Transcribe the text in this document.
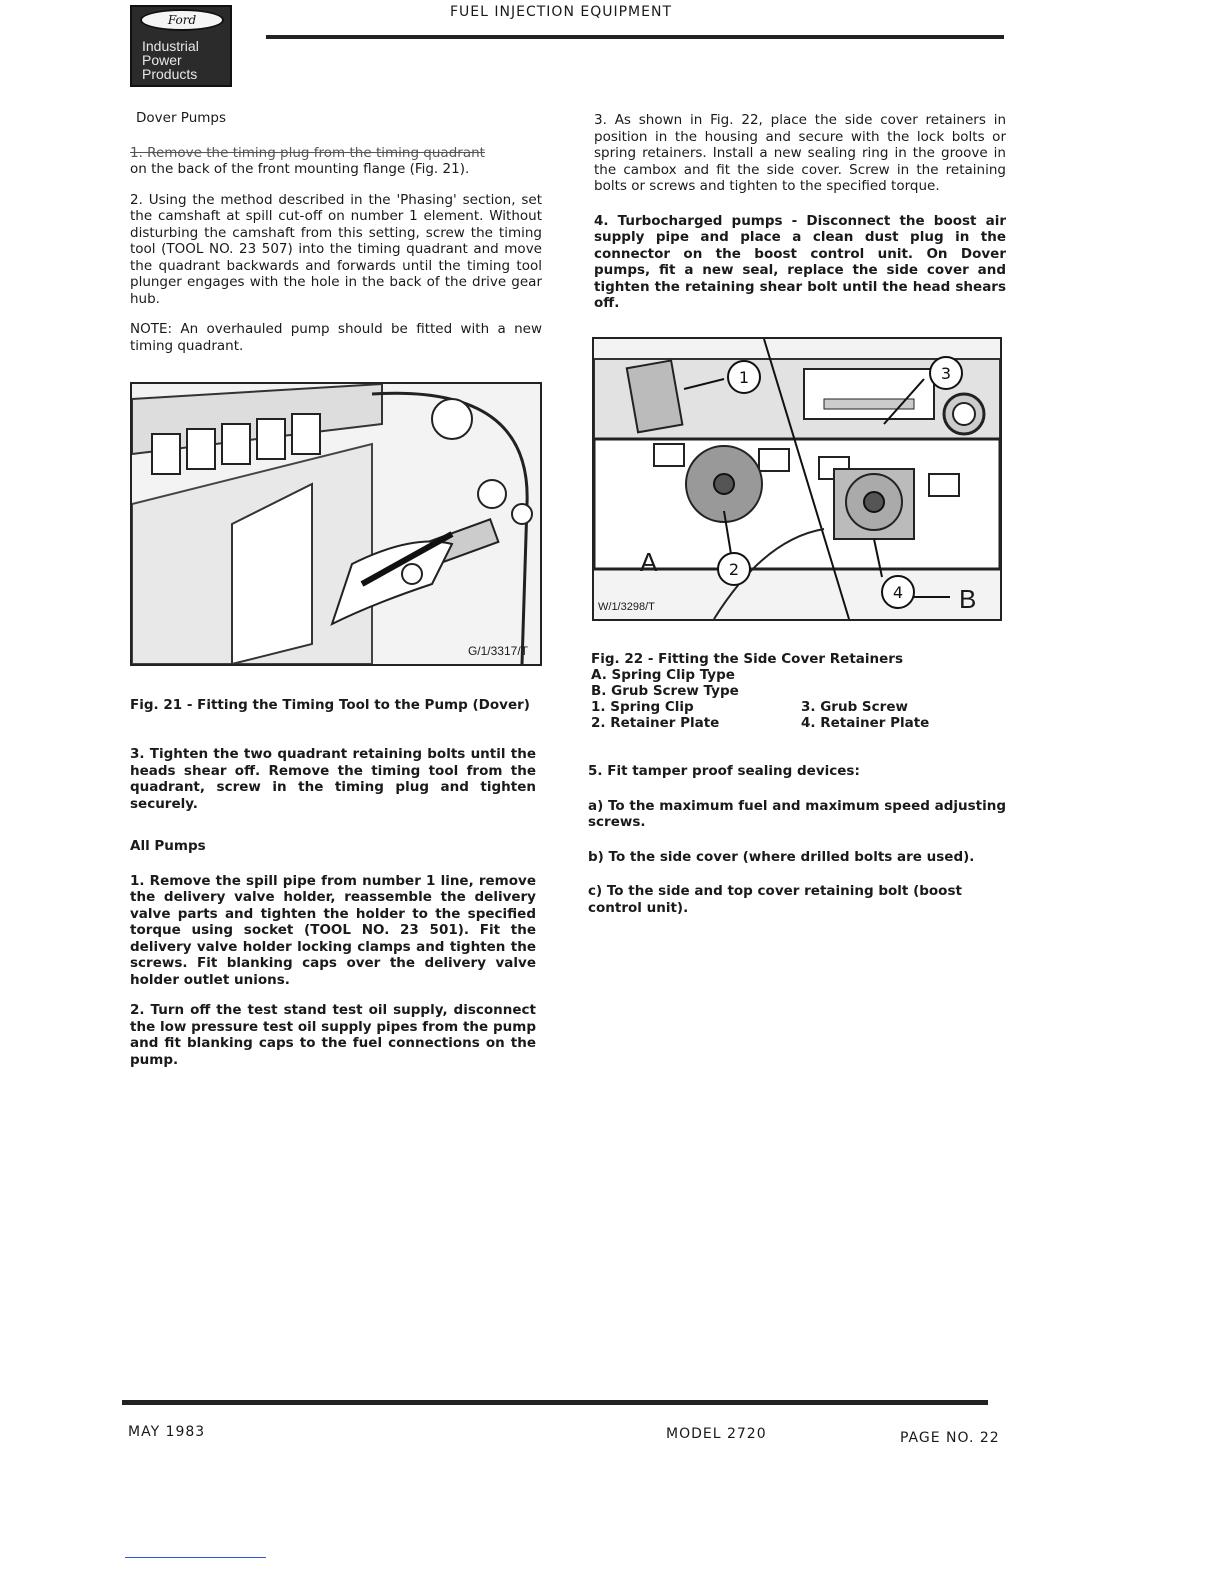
Ford
Industrial
Power
Products
FUEL INJECTION EQUIPMENT

Dover Pumps

1. Remove the timing plug from the timing quadrant

on the back of the front mounting flange (Fig. 21).

2. Using the method described in the 'Phasing' section, set the camshaft at spill cut-off on number 1 element. Without disturbing the camshaft from this setting, screw the timing tool (TOOL NO. 23 507) into the timing quadrant and move the quadrant backwards and forwards until the timing tool plunger engages with the hole in the back of the drive gear hub.

NOTE: An overhauled pump should be fitted with a new timing quadrant.

G/1/3317/T
Fig. 21 - Fitting the Timing Tool to the Pump (Dover)

3. Tighten the two quadrant retaining bolts until the heads shear off. Remove the timing tool from the quadrant, screw in the timing plug and tighten securely.

All Pumps

1. Remove the spill pipe from number 1 line, remove the delivery valve holder, reassemble the delivery valve parts and tighten the holder to the specified torque using socket (TOOL NO. 23 501). Fit the delivery valve holder locking clamps and tighten the screws. Fit blanking caps over the delivery valve holder outlet unions.

2. Turn off the test stand test oil supply, disconnect the low pressure test oil supply pipes from the pump and fit blanking caps to the fuel connections on the pump.

3. As shown in Fig. 22, place the side cover retainers in position in the housing and secure with the lock bolts or spring retainers. Install a new sealing ring in the groove in the cambox and fit the side cover. Screw in the retaining bolts or screws and tighten to the specified torque.

4. Turbocharged pumps - Disconnect the boost air supply pipe and place a clean dust plug in the connector on the boost control unit. On Dover pumps, fit a new seal, replace the side cover and tighten the retaining shear bolt until the head shears off.

1
2
3
4
A
B
W/1/3298/T
Fig. 22 - Fitting the Side Cover Retainers
A. Spring Clip Type
B. Grub Screw Type
1. Spring Clip	3. Grub Screw
2. Retainer Plate	4. Retainer Plate

5. Fit tamper proof sealing devices:

a) To the maximum fuel and maximum speed adjusting screws.

b) To the side cover (where drilled bolts are used).

c) To the side and top cover retaining bolt (boost control unit).

MAY 1983	MODEL 2720	PAGE NO. 22
